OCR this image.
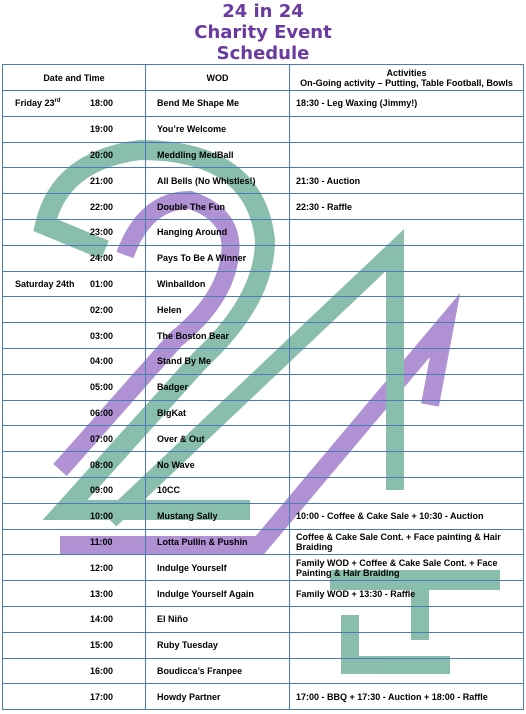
24 in 24
Charity Event
Schedule
Date and Time	WOD	Activities
On-Going activity – Putting, Table Football, Bowls

Friday 23rd 18:00	Bend Me Shape Me	18:30 - Leg Waxing (Jimmy!)

19:00	You’re Welcome	

20:00	Meddling MedBall	

21:00	All Bells (No Whistles!)	21:30 - Auction

22:00	Double The Fun	22:30 - Raffle

23:00	Hanging Around	

24:00	Pays To Be A Winner	

Saturday 24th 01:00	Winballdon	

02:00	Helen	

03:00	The Boston Bear	

04:00	Stand By Me	

05:00	Badger	

06:00	BigKat	

07:00	Over & Out	

08:00	No Wave	

09:00	10CC	

10:00	Mustang Sally	10:00 - Coffee & Cake Sale + 10:30 - Auction

11:00	Lotta Pullin & Pushin	Coffee & Cake Sale Cont. + Face painting & Hair Braiding

12:00	Indulge Yourself	Family WOD + Coffee & Cake Sale Cont. + Face Painting & Hair Braiding

13:00	Indulge Yourself Again	Family WOD + 13:30 - Raffle

14:00	El Niño	

15:00	Ruby Tuesday	

16:00	Boudicca’s Franpee	

17:00	Howdy Partner	17:00 - BBQ + 17:30 - Auction + 18:00 - Raffle
